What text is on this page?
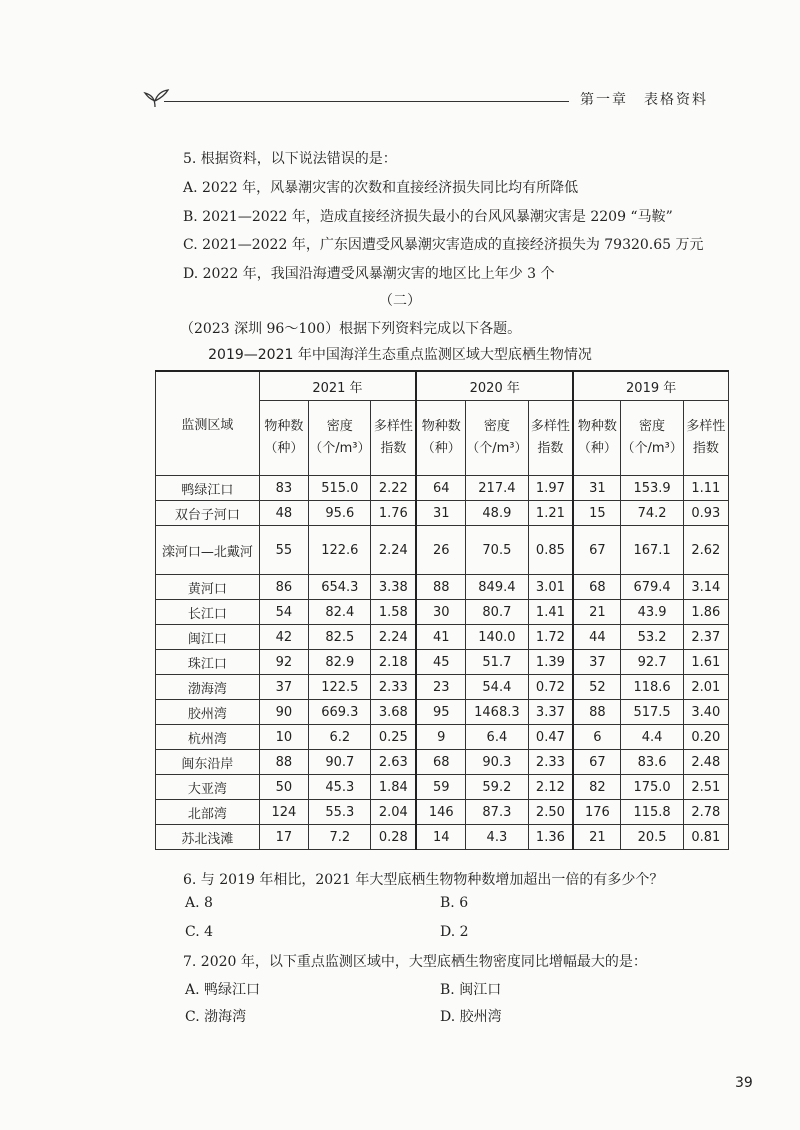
第一章　表格资料
5. 根据资料，以下说法错误的是：
A. 2022 年，风暴潮灾害的次数和直接经济损失同比均有所降低
B. 2021—2022 年，造成直接经济损失最小的台风风暴潮灾害是 2209 “马鞍”
C. 2021—2022 年，广东因遭受风暴潮灾害造成的直接经济损失为 79320.65 万元
D. 2022 年，我国沿海遭受风暴潮灾害的地区比上年少 3 个
（二）
（2023 深圳 96～100）根据下列资料完成以下各题。
2019—2021 年中国海洋生态重点监测区域大型底栖生物情况
监测区域	2021 年			2020 年			2019 年		
	物种数（种）	密度（个/m³）	多样性指数	物种数（种）	密度（个/m³）	多样性指数	物种数（种）	密度（个/m³）	多样性指数
鸭绿江口	83	515.0	2.22	64	217.4	1.97	31	153.9	1.11
双台子河口	48	95.6	1.76	31	48.9	1.21	15	74.2	0.93
滦河口—北戴河	55	122.6	2.24	26	70.5	0.85	67	167.1	2.62
黄河口	86	654.3	3.38	88	849.4	3.01	68	679.4	3.14
长江口	54	82.4	1.58	30	80.7	1.41	21	43.9	1.86
闽江口	42	82.5	2.24	41	140.0	1.72	44	53.2	2.37
珠江口	92	82.9	2.18	45	51.7	1.39	37	92.7	1.61
渤海湾	37	122.5	2.33	23	54.4	0.72	52	118.6	2.01
胶州湾	90	669.3	3.68	95	1468.3	3.37	88	517.5	3.40
杭州湾	10	6.2	0.25	9	6.4	0.47	6	4.4	0.20
闽东沿岸	88	90.7	2.63	68	90.3	2.33	67	83.6	2.48
大亚湾	50	45.3	1.84	59	59.2	2.12	82	175.0	2.51
北部湾	124	55.3	2.04	146	87.3	2.50	176	115.8	2.78
苏北浅滩	17	7.2	0.28	14	4.3	1.36	21	20.5	0.81
6. 与 2019 年相比，2021 年大型底栖生物物种数增加超出一倍的有多少个？
A. 8	B. 6
C. 4	D. 2
7. 2020 年，以下重点监测区域中，大型底栖生物密度同比增幅最大的是：
A. 鸭绿江口	B. 闽江口
C. 渤海湾	D. 胶州湾
39
